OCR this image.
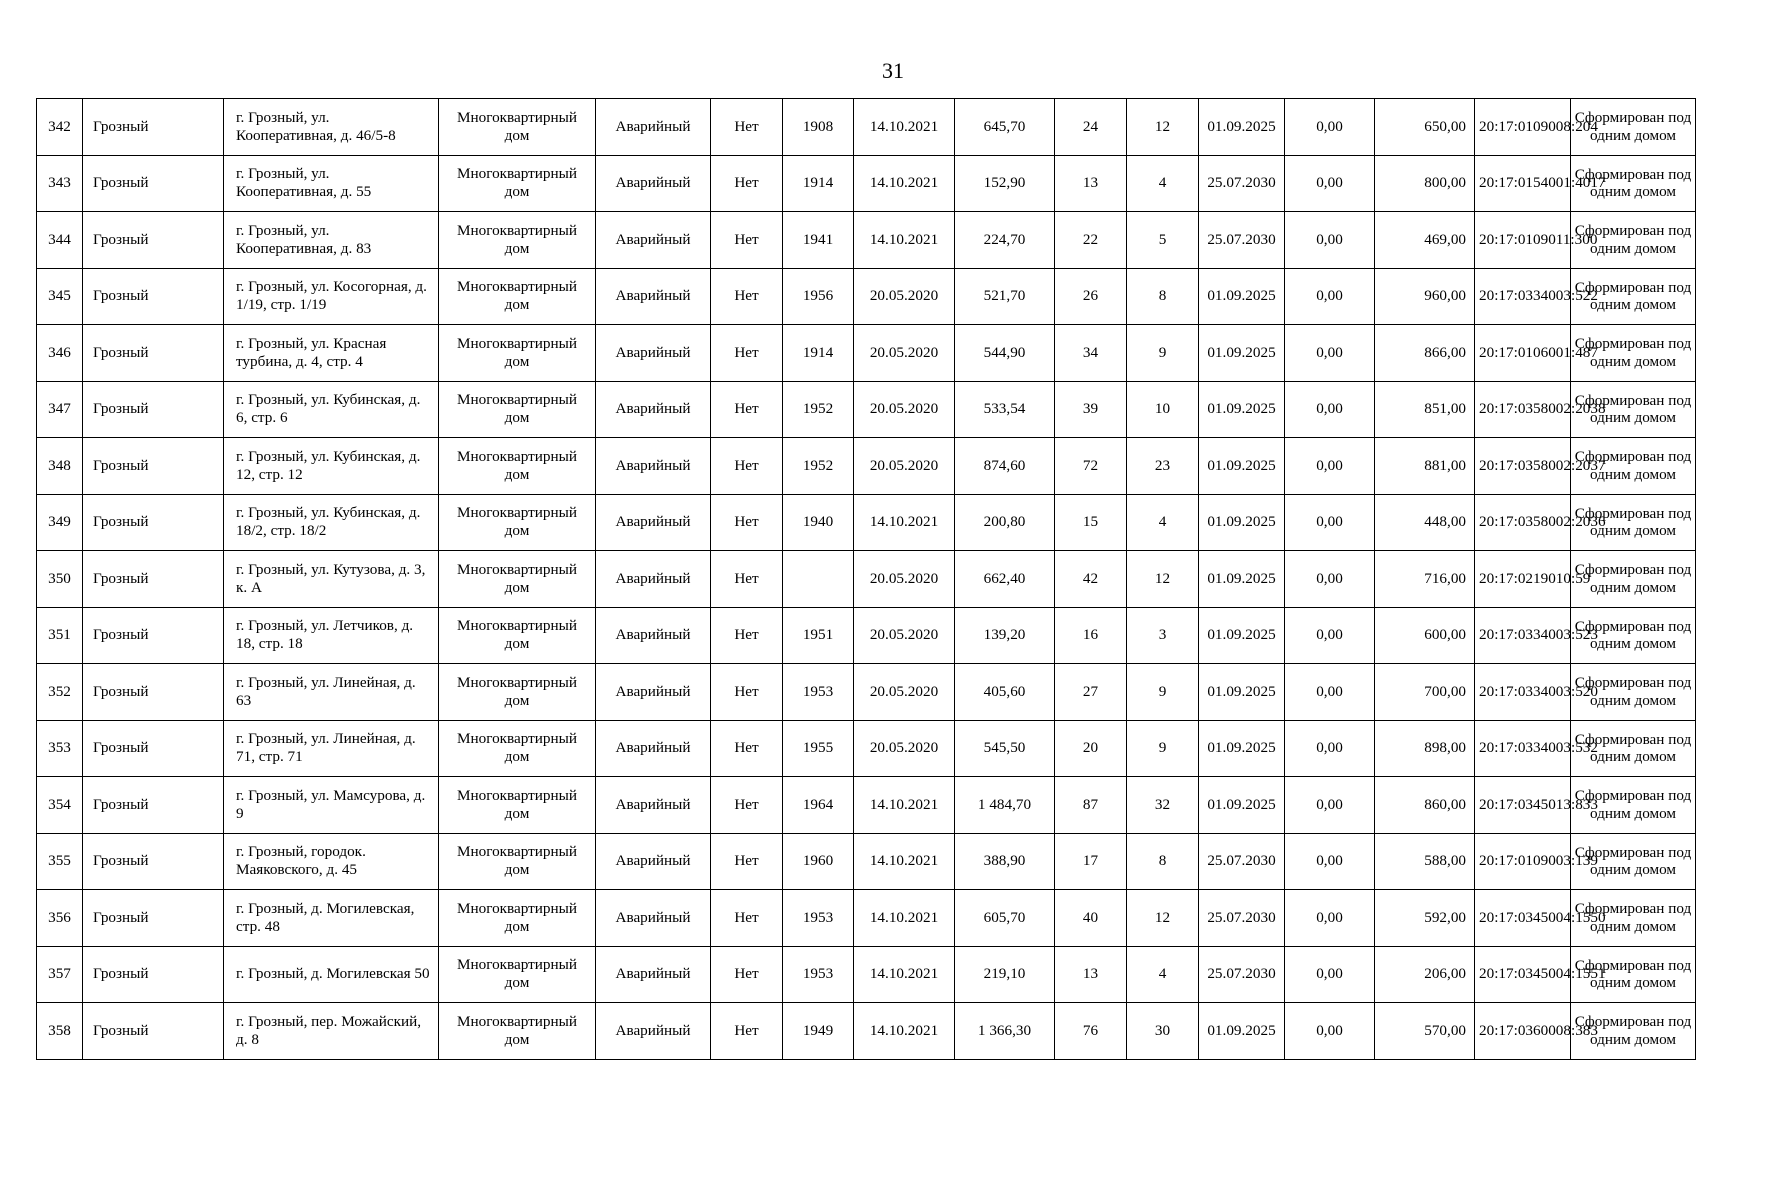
31
342	Грозный	г. Грозный, ул. Кооперативная, д. 46/5-8	Многоквартирный дом	Аварийный	Нет	1908	14.10.2021	645,70	24	12	01.09.2025	0,00	650,00	20:17:0109008:204	Сформирован под одним домом
343	Грозный	г. Грозный, ул. Кооперативная, д. 55	Многоквартирный дом	Аварийный	Нет	1914	14.10.2021	152,90	13	4	25.07.2030	0,00	800,00	20:17:0154001:4017	Сформирован под одним домом
344	Грозный	г. Грозный, ул. Кооперативная, д. 83	Многоквартирный дом	Аварийный	Нет	1941	14.10.2021	224,70	22	5	25.07.2030	0,00	469,00	20:17:0109011:300	Сформирован под одним домом
345	Грозный	г. Грозный, ул. Косогорная, д. 1/19, стр. 1/19	Многоквартирный дом	Аварийный	Нет	1956	20.05.2020	521,70	26	8	01.09.2025	0,00	960,00	20:17:0334003:522	Сформирован под одним домом
346	Грозный	г. Грозный, ул. Красная турбина, д. 4, стр. 4	Многоквартирный дом	Аварийный	Нет	1914	20.05.2020	544,90	34	9	01.09.2025	0,00	866,00	20:17:0106001:487	Сформирован под одним домом
347	Грозный	г. Грозный, ул. Кубинская, д. 6, стр. 6	Многоквартирный дом	Аварийный	Нет	1952	20.05.2020	533,54	39	10	01.09.2025	0,00	851,00	20:17:0358002:2038	Сформирован под одним домом
348	Грозный	г. Грозный, ул. Кубинская, д. 12, стр. 12	Многоквартирный дом	Аварийный	Нет	1952	20.05.2020	874,60	72	23	01.09.2025	0,00	881,00	20:17:0358002:2037	Сформирован под одним домом
349	Грозный	г. Грозный, ул. Кубинская, д. 18/2, стр. 18/2	Многоквартирный дом	Аварийный	Нет	1940	14.10.2021	200,80	15	4	01.09.2025	0,00	448,00	20:17:0358002:2036	Сформирован под одним домом
350	Грозный	г. Грозный, ул. Кутузова, д. 3, к. А	Многоквартирный дом	Аварийный	Нет		20.05.2020	662,40	42	12	01.09.2025	0,00	716,00	20:17:0219010:59	Сформирован под одним домом
351	Грозный	г. Грозный, ул. Летчиков, д. 18, стр. 18	Многоквартирный дом	Аварийный	Нет	1951	20.05.2020	139,20	16	3	01.09.2025	0,00	600,00	20:17:0334003:523	Сформирован под одним домом
352	Грозный	г. Грозный, ул. Линейная, д. 63	Многоквартирный дом	Аварийный	Нет	1953	20.05.2020	405,60	27	9	01.09.2025	0,00	700,00	20:17:0334003:520	Сформирован под одним домом
353	Грозный	г. Грозный, ул. Линейная, д. 71, стр. 71	Многоквартирный дом	Аварийный	Нет	1955	20.05.2020	545,50	20	9	01.09.2025	0,00	898,00	20:17:0334003:532	Сформирован под одним домом
354	Грозный	г. Грозный, ул. Мамсурова, д. 9	Многоквартирный дом	Аварийный	Нет	1964	14.10.2021	1 484,70	87	32	01.09.2025	0,00	860,00	20:17:0345013:833	Сформирован под одним домом
355	Грозный	г. Грозный, городок. Маяковского, д. 45	Многоквартирный дом	Аварийный	Нет	1960	14.10.2021	388,90	17	8	25.07.2030	0,00	588,00	20:17:0109003:139	Сформирован под одним домом
356	Грозный	г. Грозный, д. Могилевская, стр. 48	Многоквартирный дом	Аварийный	Нет	1953	14.10.2021	605,70	40	12	25.07.2030	0,00	592,00	20:17:0345004:1550	Сформирован под одним домом
357	Грозный	г. Грозный, д. Могилевская 50	Многоквартирный дом	Аварийный	Нет	1953	14.10.2021	219,10	13	4	25.07.2030	0,00	206,00	20:17:0345004:1551	Сформирован под одним домом
358	Грозный	г. Грозный, пер. Можайский, д. 8	Многоквартирный дом	Аварийный	Нет	1949	14.10.2021	1 366,30	76	30	01.09.2025	0,00	570,00	20:17:0360008:383	Сформирован под одним домом
